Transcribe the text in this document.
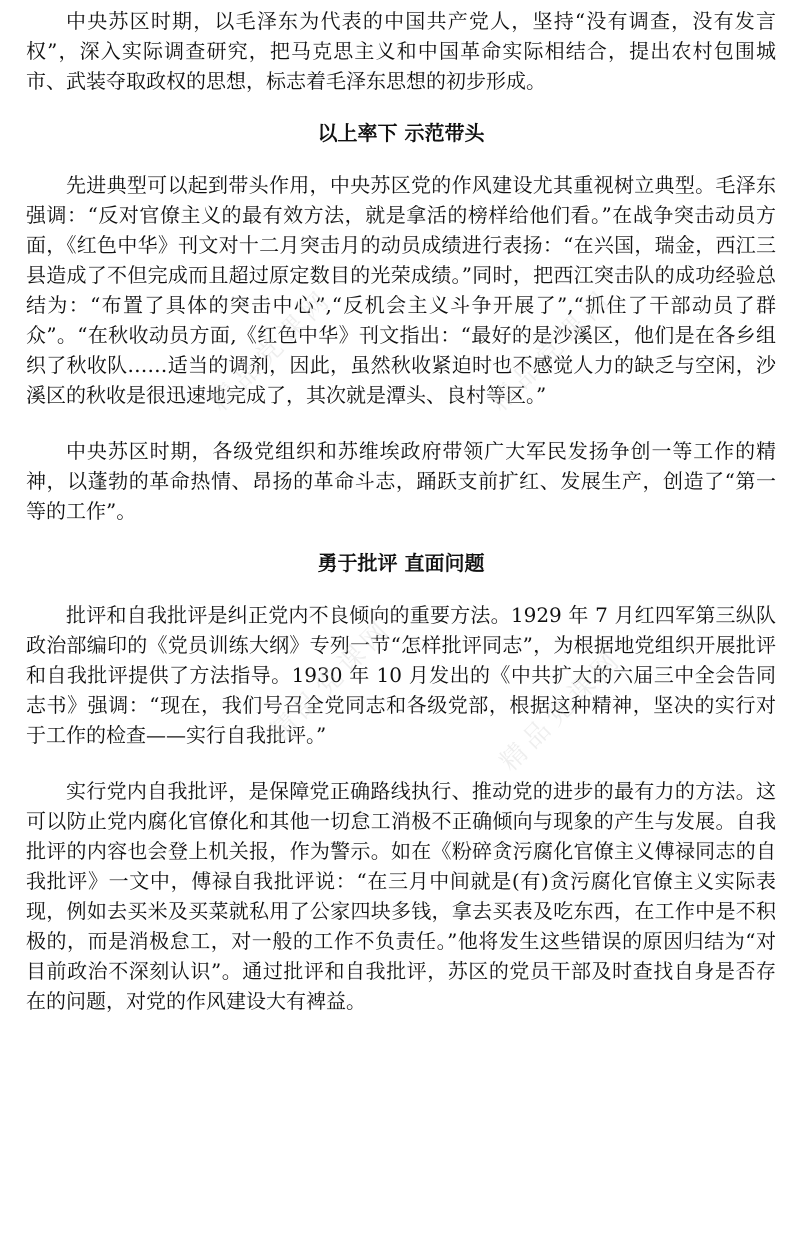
中央苏区时期，以毛泽东为代表的中国共产党人，坚持“没有调查，没有发言权”，深入实际调查研究，把马克思主义和中国革命实际相结合，提出农村包围城市、武装夺取政权的思想，标志着毛泽东思想的初步形成。

以上率下 示范带头

先进典型可以起到带头作用，中央苏区党的作风建设尤其重视树立典型。毛泽东强调：“反对官僚主义的最有效方法，就是拿活的榜样给他们看。”在战争突击动员方面，《红色中华》刊文对十二月突击月的动员成绩进行表扬：“在兴国，瑞金，西江三县造成了不但完成而且超过原定数目的光荣成绩。”同时，把西江突击队的成功经验总结为：“布置了具体的突击中心”,“反机会主义斗争开展了”,“抓住了干部动员了群众”。“在秋收动员方面,《红色中华》刊文指出：“最好的是沙溪区，他们是在各乡组织了秋收队……适当的调剂，因此，虽然秋收紧迫时也不感觉人力的缺乏与空闲，沙溪区的秋收是很迅速地完成了，其次就是潭头、良村等区。”

中央苏区时期，各级党组织和苏维埃政府带领广大军民发扬争创一等工作的精神，以蓬勃的革命热情、昂扬的革命斗志，踊跃支前扩红、发展生产，创造了“第一等的工作”。

勇于批评 直面问题

批评和自我批评是纠正党内不良倾向的重要方法。1929 年 7 月红四军第三纵队政治部编印的《党员训练大纲》专列一节“怎样批评同志”，为根据地党组织开展批评和自我批评提供了方法指导。1930 年 10 月发出的《中共扩大的六届三中全会告同志书》强调：“现在，我们号召全党同志和各级党部，根据这种精神，坚决的实行对于工作的检查——实行自我批评。”

实行党内自我批评，是保障党正确路线执行、推动党的进步的最有力的方法。这可以防止党内腐化官僚化和其他一切怠工消极不正确倾向与现象的产生与发展。自我批评的内容也会登上机关报，作为警示。如在《粉碎贪污腐化官僚主义傅禄同志的自我批评》一文中，傅禄自我批评说：“在三月中间就是(有)贪污腐化官僚主义实际表现，例如去买米及买菜就私用了公家四块多钱，拿去买表及吃东西，在工作中是不积极的，而是消极怠工，对一般的工作不负责任。”他将发生这些错误的原因归结为“对目前政治不深刻认识”。通过批评和自我批评，苏区的党员干部及时查找自身是否存在的问题，对党的作风建设大有裨益。

精品党课网	精品党课网
精品党课网	精品党课网
